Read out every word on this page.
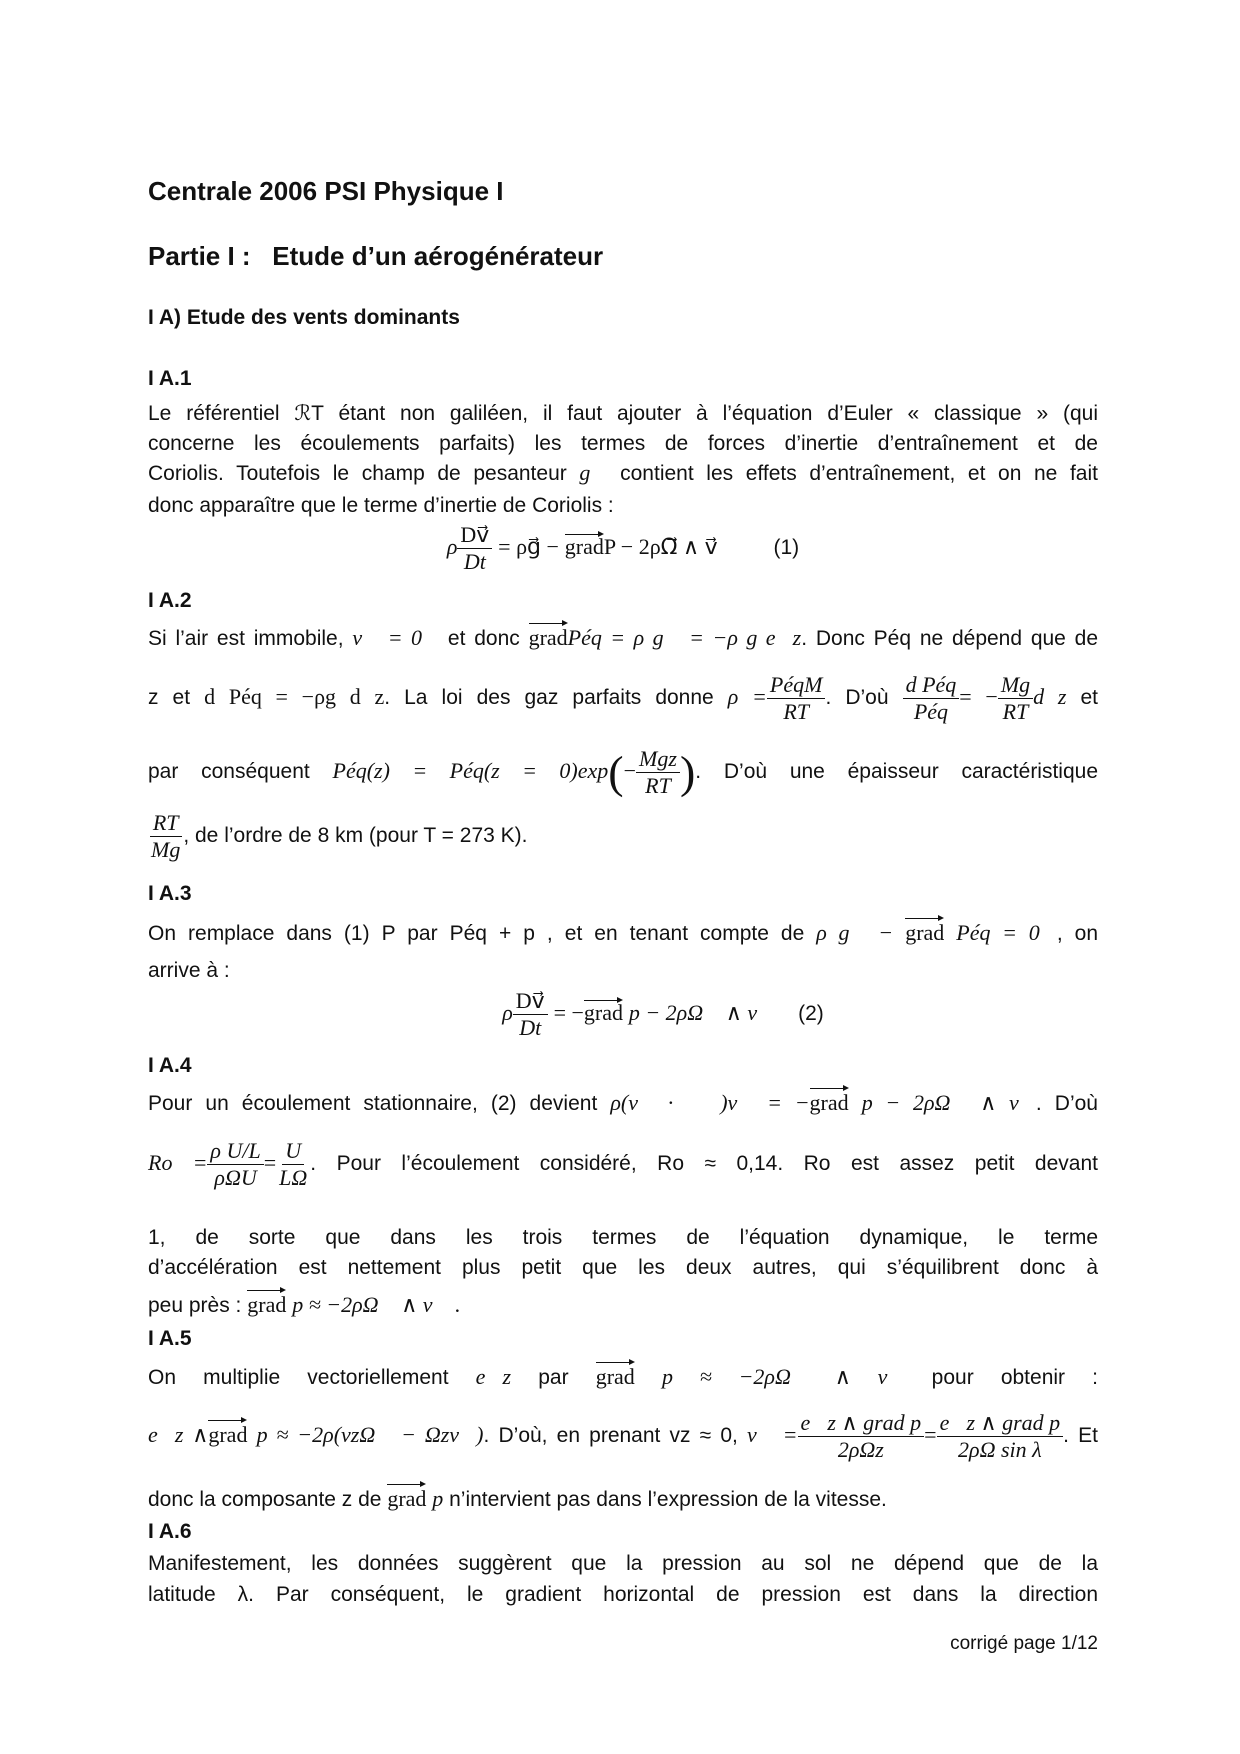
Centrale 2006 PSI Physique I
Partie I :   Etude d’un aérogénérateur
I A) Etude des vents dominants
I A.1
Le référentiel ℛT étant non galiléen, il faut ajouter à l’équation d’Euler « classique » (qui
concerne les écoulements parfaits) les termes de forces d’inertie d’entraînement et de
Coriolis. Toutefois le champ de pesanteur g⃗ contient les effets d’entraînement, et on ne fait
donc apparaître que le terme d’inertie de Coriolis :
ρ $\frac{Dv⃗}{Dt}$ = ρg⃗ − gradP − 2ρΩ⃗ ∧ v⃗	(1)
I A.2
Si l’air est immobile, v⃗ = 0⃗ et donc gradPéq = ρ g⃗ = −ρ g e⃗z. Donc Péq ne dépend que de
z et d Péq = −ρg d z. La loi des gaz parfaits donne $\rho = \frac{\text{PéqM}}{RT}$ . D’où $\frac{\text{d Péq}}{\text{Péq}}$ = − $\frac{Mg}{RT}$ d z et
par conséquent Péq(z) = Péq(z = $0)\exp(- \frac{\text{Mgz}}{RT}$ ). D’où une épaisseur caractéristique
$\frac{RT}{Mg}$ , de l’ordre de 8 km (pour T = 273 K).
I A.3
On remplace dans (1) P par Péq + p , et en tenant compte de ρ g⃗ − grad Péq = 0⃗, on
arrive à :
ρ $\frac{Dv⃗}{Dt}$ = −grad p − 2ρΩ⃗ ∧ v⃗ (2)
I A.4
Pour un écoulement stationnaire, (2) devient ρ(v⃗ · ∇⃗)v⃗ = −grad p − 2ρΩ⃗ ∧ v⃗. D’où
$Ro = \frac{\text{ρ U/L}}{\text{ρΩU}} = \frac{U}{L\Omega}$ . Pour l’écoulement considéré, Ro ≈ 0,14. Ro est assez petit devant
1, de sorte que dans les trois termes de l’équation dynamique, le terme
d’accélération est nettement plus petit que les deux autres, qui s’équilibrent donc à
peu près : grad p ≈ −2ρΩ⃗ ∧ v⃗ .
I A.5
On multiplie vectoriellement e⃗z par grad p ≈ −2ρΩ⃗ ∧ v⃗ pour obtenir :
e⃗z ∧grad p ≈ −2ρ(vzΩ⃗ − Ωzv⃗). D’où, en prenant vz ≈ 0, v⃗ = $\frac{\text{e⃗z ∧ grad p}}{\text{2ρΩz}} = \frac{\text{e⃗z ∧ grad p}}{\text{2ρΩ sin λ}}$ . Et
donc la composante z de grad p n’intervient pas dans l’expression de la vitesse.
I A.6
Manifestement, les données suggèrent que la pression au sol ne dépend que de la
latitude λ. Par conséquent, le gradient horizontal de pression est dans la direction
corrigé page 1/12
